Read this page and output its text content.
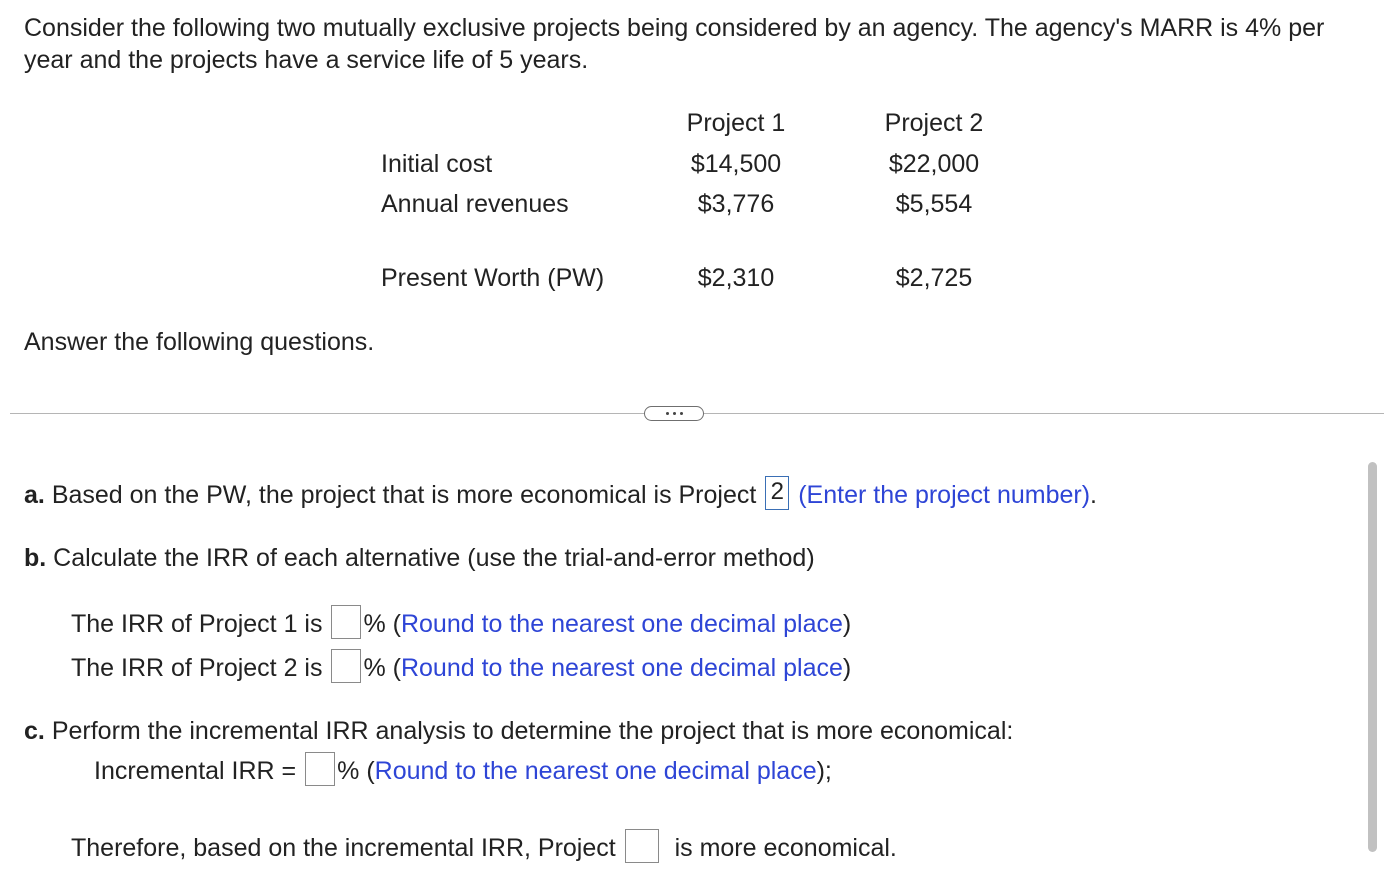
Consider the following two mutually exclusive projects being considered by an agency. The agency's MARR is 4% per year and the projects have a service life of 5 years.
Project 1	Project 2
Initial cost	$14,500	$22,000
Annual revenues	$3,776	$5,554
Present Worth (PW)	$2,310	$2,725
Answer the following questions.
a.
Based on the PW, the project that is more economical is Project
2
(Enter the project number) .
b.
Calculate the IRR of each alternative (use the trial-and-error method)
The IRR of Project 1 is
%
( Round to the nearest one decimal place )
The IRR of Project 2 is
%
( Round to the nearest one decimal place )
c.
Perform the incremental IRR analysis to determine the project that is more economical:
Incremental IRR =
%
( Round to the nearest one decimal place );
Therefore, based on the incremental IRR, Project

is more economical.
